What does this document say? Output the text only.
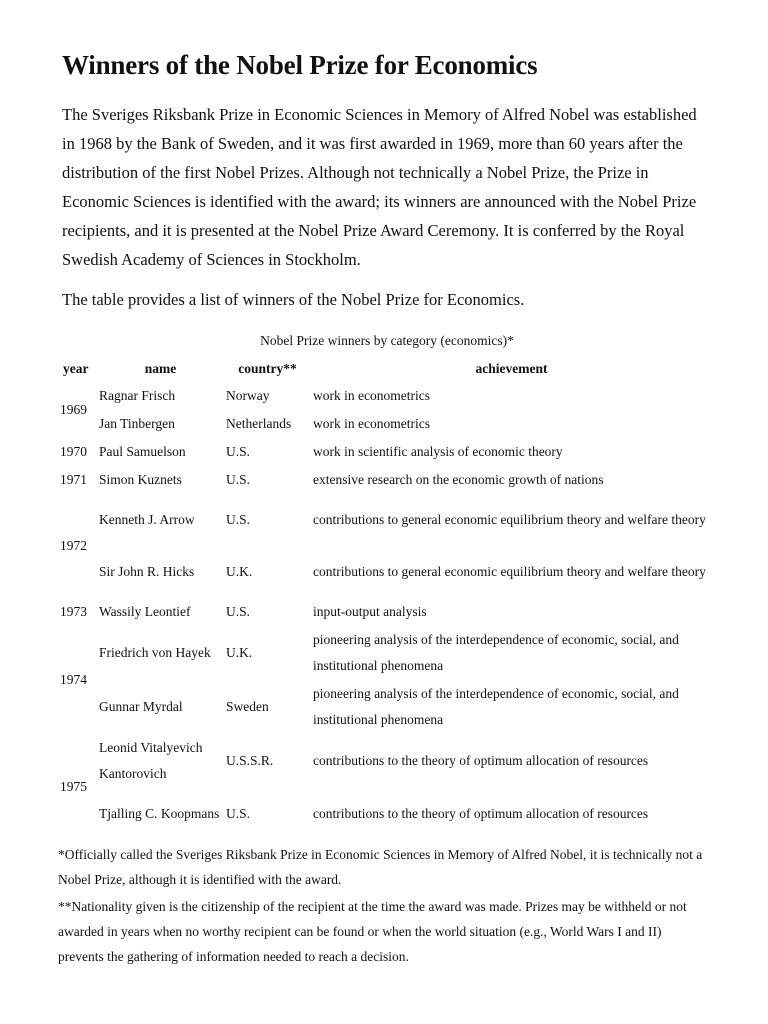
Winners of the Nobel Prize for Economics

The Sveriges Riksbank Prize in Economic Sciences in Memory of Alfred Nobel was established in 1968 by the Bank of Sweden, and it was first awarded in 1969, more than 60 years after the distribution of the first Nobel Prizes. Although not technically a Nobel Prize, the Prize in Economic Sciences is identified with the award; its winners are announced with the Nobel Prize recipients, and it is presented at the Nobel Prize Award Ceremony. It is conferred by the Royal Swedish Academy of Sciences in Stockholm.

The table provides a list of winners of the Nobel Prize for Economics.

Nobel Prize winners by category (economics)*
year	name	country**	achievement
1969	Ragnar Frisch	Norway	work in econometrics
	Jan Tinbergen	Netherlands	work in econometrics
1970	Paul Samuelson	U.S.	work in scientific analysis of economic theory
1971	Simon Kuznets	U.S.	extensive research on the economic growth of nations
1972	Kenneth J. Arrow	U.S.	contributions to general economic equilibrium theory and welfare theory
	Sir John R. Hicks	U.K.	contributions to general economic equilibrium theory and welfare theory
1973	Wassily Leontief	U.S.	input-output analysis
1974	Friedrich von Hayek	U.K.	pioneering analysis of the interdependence of economic, social, and institutional phenomena
	Gunnar Myrdal	Sweden	pioneering analysis of the interdependence of economic, social, and institutional phenomena
1975	Leonid Vitalyevich Kantorovich	U.S.S.R.	contributions to the theory of optimum allocation of resources
	Tjalling C. Koopmans	U.S.	contributions to the theory of optimum allocation of resources

*Officially called the Sveriges Riksbank Prize in Economic Sciences in Memory of Alfred Nobel, it is technically not a Nobel Prize, although it is identified with the award.

**Nationality given is the citizenship of the recipient at the time the award was made. Prizes may be withheld or not awarded in years when no worthy recipient can be found or when the world situation (e.g., World Wars I and II) prevents the gathering of information needed to reach a decision.
